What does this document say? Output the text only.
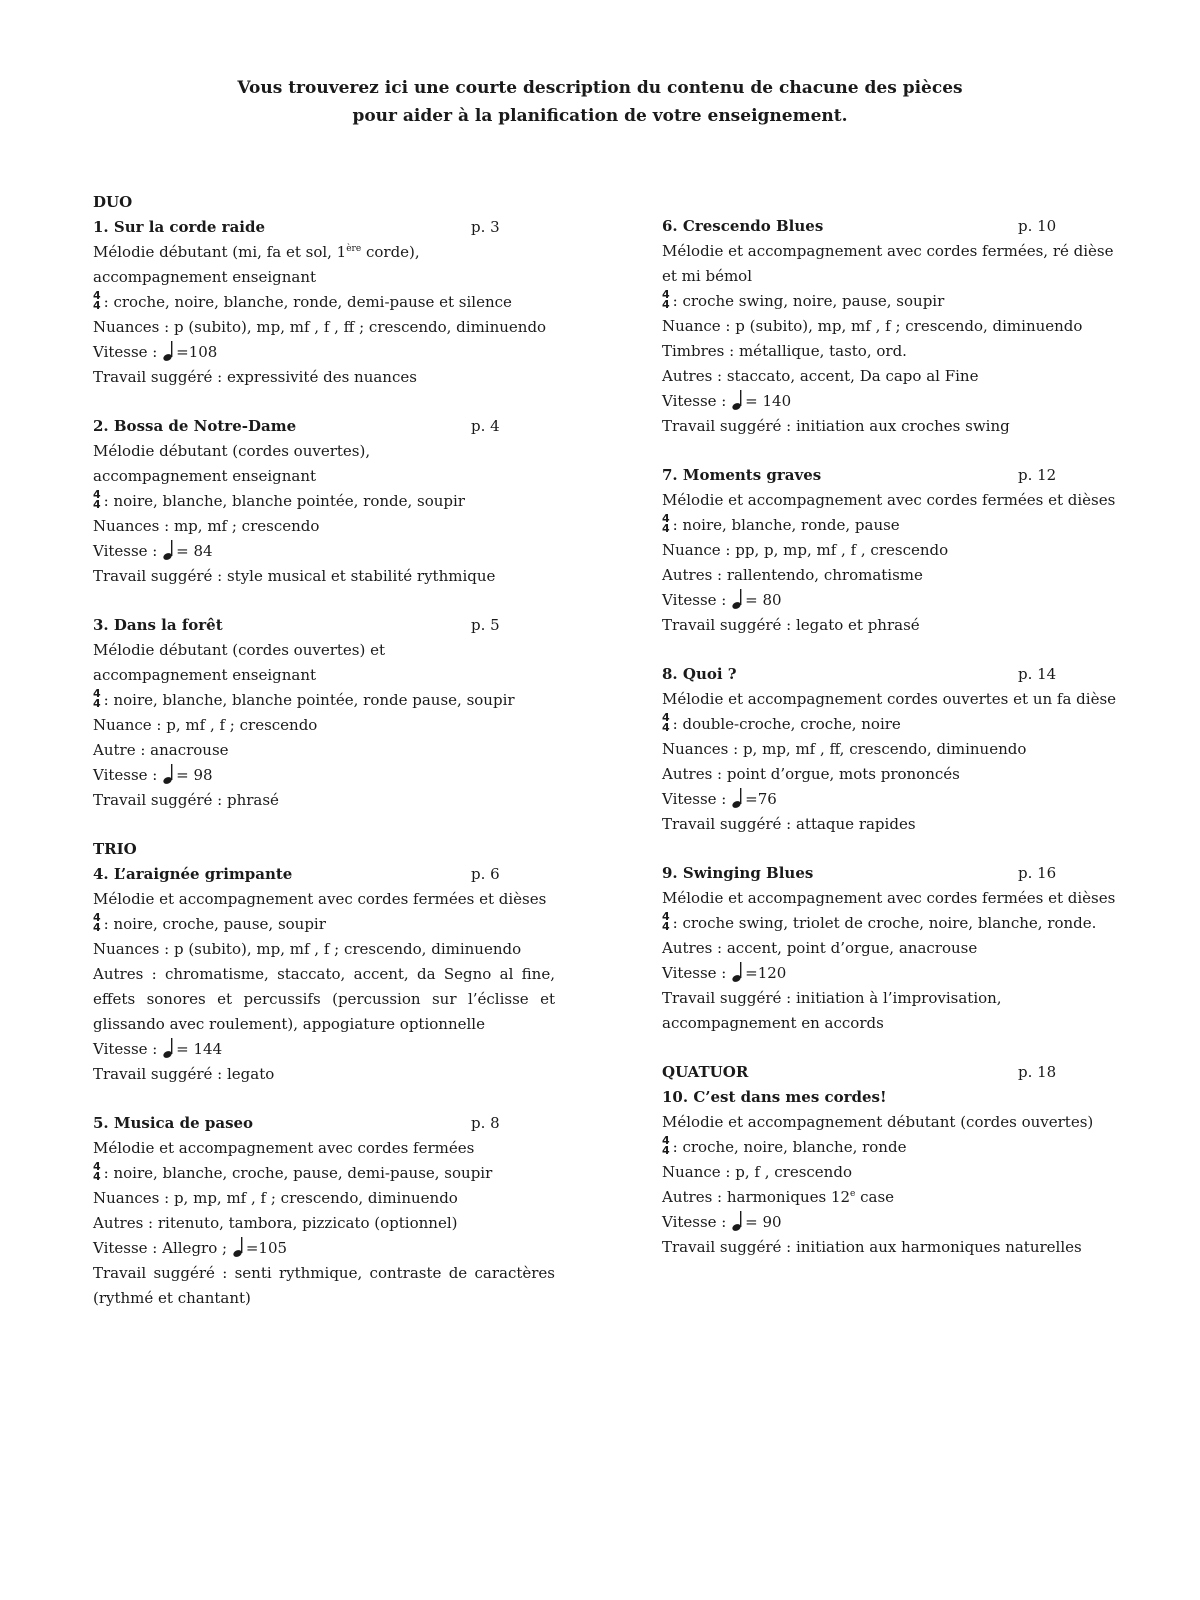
Vous trouverez ici une courte description du contenu de chacune des pièces
pour aider à la planification de votre enseignement.
DUO
1. Sur la corde raide	p. 3
Mélodie débutant (mi, fa et sol, 1ère corde),
accompagnement enseignant
4
4 : croche, noire, blanche, ronde, demi-pause et silence
Nuances : p (subito), mp, mf , f , ff ; crescendo, diminuendo
Vitesse : =108
Travail suggéré : expressivité des nuances
2. Bossa de Notre-Dame	p. 4
Mélodie débutant (cordes ouvertes),
accompagnement enseignant
4
4 : noire, blanche, blanche pointée, ronde, soupir
Nuances : mp, mf ; crescendo
Vitesse : = 84
Travail suggéré : style musical et stabilité rythmique
3. Dans la forêt	p. 5
Mélodie débutant (cordes ouvertes) et
accompagnement enseignant
4
4 : noire, blanche, blanche pointée, ronde pause, soupir
Nuance : p, mf , f ; crescendo
Autre : anacrouse
Vitesse : = 98
Travail suggéré : phrasé
TRIO
4. L’araignée grimpante	p. 6
Mélodie et accompagnement avec cordes fermées et dièses
4
4 : noire, croche, pause, soupir
Nuances : p (subito), mp, mf , f ; crescendo, diminuendo
Autres : chromatisme, staccato, accent, da Segno al fine, effets sonores et percussifs (percussion sur l’éclisse et glissando avec roulement), appogiature optionnelle
Vitesse : = 144
Travail suggéré : legato
5. Musica de paseo	p. 8
Mélodie et accompagnement avec cordes fermées
4
4 : noire, blanche, croche, pause, demi-pause, soupir
Nuances : p, mp, mf , f ; crescendo, diminuendo
Autres : ritenuto, tambora, pizzicato (optionnel)
Vitesse : Allegro ; =105
Travail suggéré : senti rythmique, contraste de caractères (rythmé et chantant)
6. Crescendo Blues	p. 10
Mélodie et accompagnement avec cordes fermées, ré dièse
et mi bémol
4
4 : croche swing, noire, pause, soupir
Nuance : p (subito), mp, mf , f ; crescendo, diminuendo
Timbres : métallique, tasto, ord.
Autres : staccato, accent, Da capo al Fine
Vitesse : = 140
Travail suggéré : initiation aux croches swing
7. Moments graves	p. 12
Mélodie et accompagnement avec cordes fermées et dièses
4
4 : noire, blanche, ronde, pause
Nuance : pp, p, mp, mf , f , crescendo
Autres : rallentendo, chromatisme
Vitesse : = 80
Travail suggéré : legato et phrasé
8. Quoi ?	p. 14
Mélodie et accompagnement cordes ouvertes et un fa dièse
4
4 : double-croche, croche, noire
Nuances : p, mp, mf , ff, crescendo, diminuendo
Autres : point d’orgue, mots prononcés
Vitesse : =76
Travail suggéré : attaque rapides
9. Swinging Blues	p. 16
Mélodie et accompagnement avec cordes fermées et dièses
4
4 : croche swing, triolet de croche, noire, blanche, ronde.
Autres : accent, point d’orgue, anacrouse
Vitesse : =120
Travail suggéré : initiation à l’improvisation,
accompagnement en accords
QUATUOR	p. 18
10. C’est dans mes cordes!
Mélodie et accompagnement débutant (cordes ouvertes)
4
4 : croche, noire, blanche, ronde
Nuance : p, f , crescendo
Autres : harmoniques 12e case
Vitesse : = 90
Travail suggéré : initiation aux harmoniques naturelles
